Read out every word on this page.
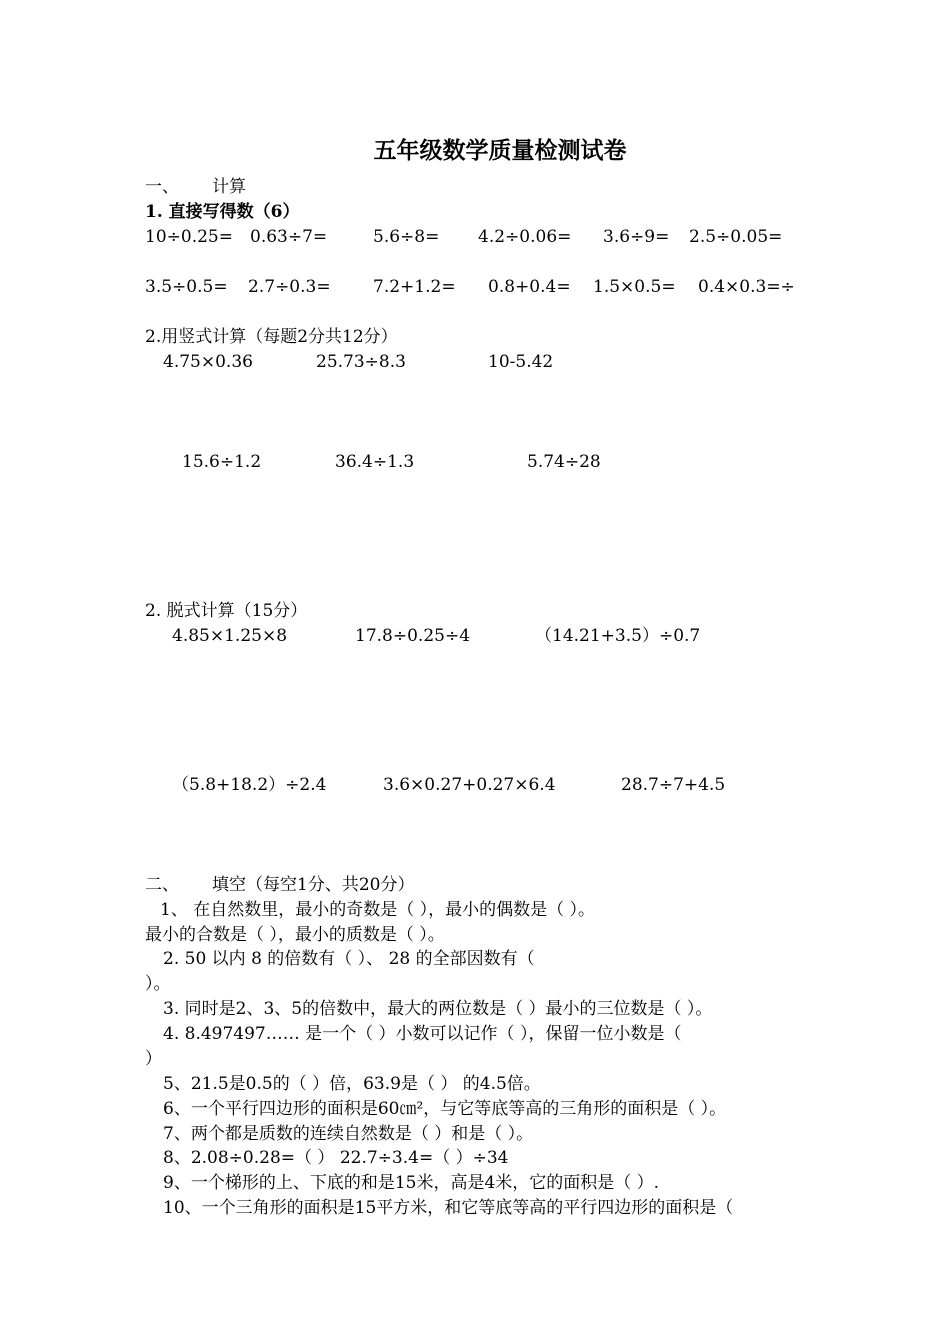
五年级数学质量检测试卷
一、 计算
1. 直接写得数（6）
10÷0.25= 0.63÷7=	5.6÷8= 4.2÷0.06= 3.6÷9= 2.5÷0.05=
3.5÷0.5= 2.7÷0.3= 7.2+1.2= 0.8+0.4= 1.5×0.5= 0.4×0.3=÷
2.用竖式计算（每题2分共12分）
4.75×0.36	25.73÷8.3	10-5.42
15.6÷1.2	36.4÷1.3	5.74÷28
2. 脱式计算（15分）
4.85×1.25×8	17.8÷0.25÷4	（14.21+3.5）÷0.7
（5.8+18.2）÷2.4	3.6×0.27+0.27×6.4	28.7÷7+4.5
二、 填空（每空1分、共20分）
1、 在自然数里，最小的奇数是（ ），最小的偶数是（ ）。
最小的合数是（ ），最小的质数是（ ）。
2. 50 以内 8 的倍数有（ ）、 28 的全部因数有（
）。
3. 同时是2、3、5的倍数中，最大的两位数是（ ）最小的三位数是（ ）。
4. 8.497497…… 是一个（ ）小数可以记作（ ），保留一位小数是（
）
5、21.5是0.5的（ ）倍，63.9是（ ） 的4.5倍。
6、一个平行四边形的面积是60㎝²，与它等底等高的三角形的面积是（ ）。
7、两个都是质数的连续自然数是（ ）和是（ ）。
8、2.08÷0.28=（ ） 22.7÷3.4=（ ）÷34
9、一个梯形的上、下底的和是15米，高是4米，它的面积是（ ）.
10、一个三角形的面积是15平方米，和它等底等高的平行四边形的面积是（
